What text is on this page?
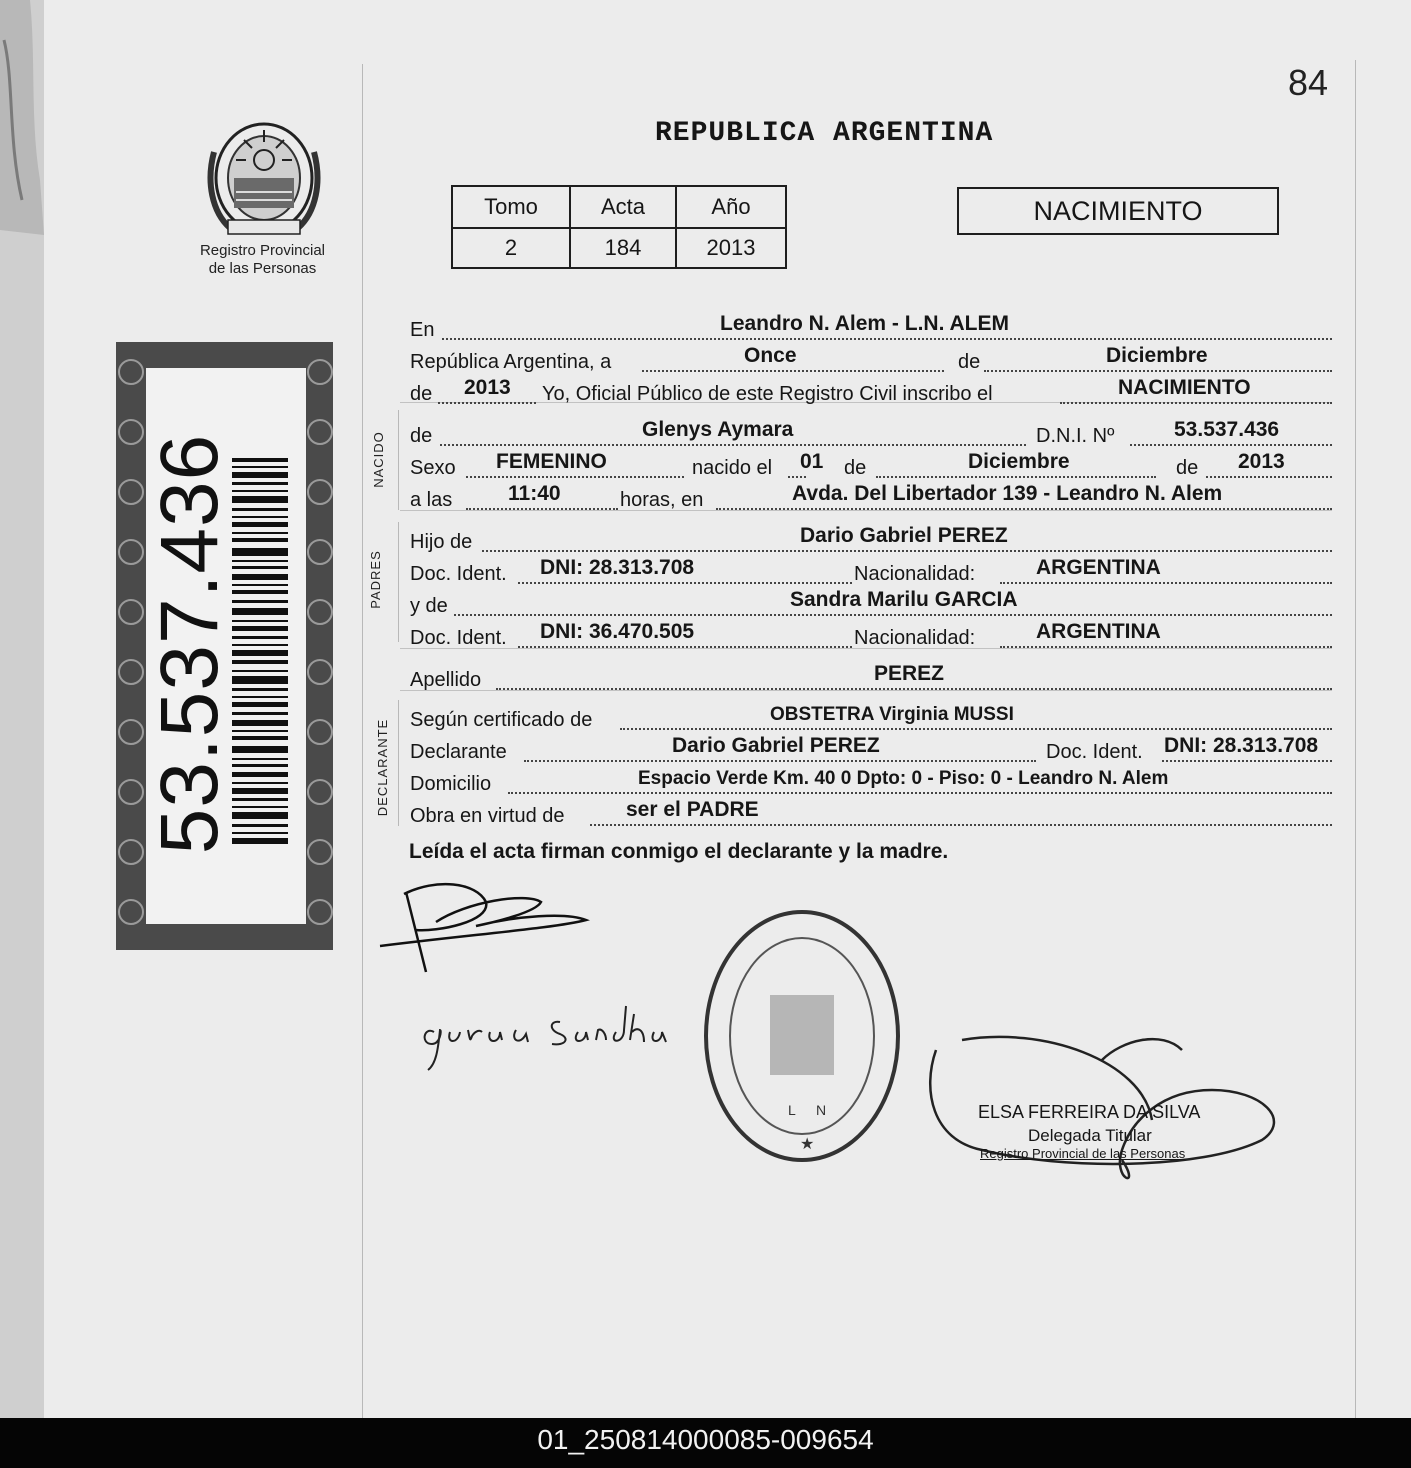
Registro Provincial
de las Personas
84
REPUBLICA ARGENTINA
Tomo	Acta	Año
2	184	2013
NACIMIENTO
53.537.436	NACIDO
PADRES
DECLARANTE
En	Leandro N. Alem - L.N. ALEM
República Argentina, a	Once	de	Diciembre
de 2013 Yo, Oficial Público de este Registro Civil inscribo el	NACIMIENTO
de	Glenys Aymara	D.N.I. Nº	53.537.436
Sexo FEMENINO	nacido el 01 de	Diciembre	de 2013
a las	11:40	horas, en	Avda. Del Libertador 139 - Leandro N. Alem
Hijo de	Dario Gabriel PEREZ
Doc. Ident. DNI: 28.313.708	Nacionalidad:	ARGENTINA
y de	Sandra Marilu GARCIA
Doc. Ident. DNI: 36.470.505	Nacionalidad:	ARGENTINA
Apellido	PEREZ
Según certificado de	OBSTETRA Virginia MUSSI
Declarante	Dario Gabriel PEREZ	Doc. Ident. DNI: 28.313.708
Domicilio	Espacio Verde Km. 40 0 Dpto: 0 - Piso: 0 - Leandro N. Alem
Obra en virtud de	ser el PADRE
Leída el acta firman conmigo el declarante y la madre.
L N
★
ELSA FERREIRA DA SILVA
Delegada Titular
Registro Provincial de las Personas
01_250814000085-009654
